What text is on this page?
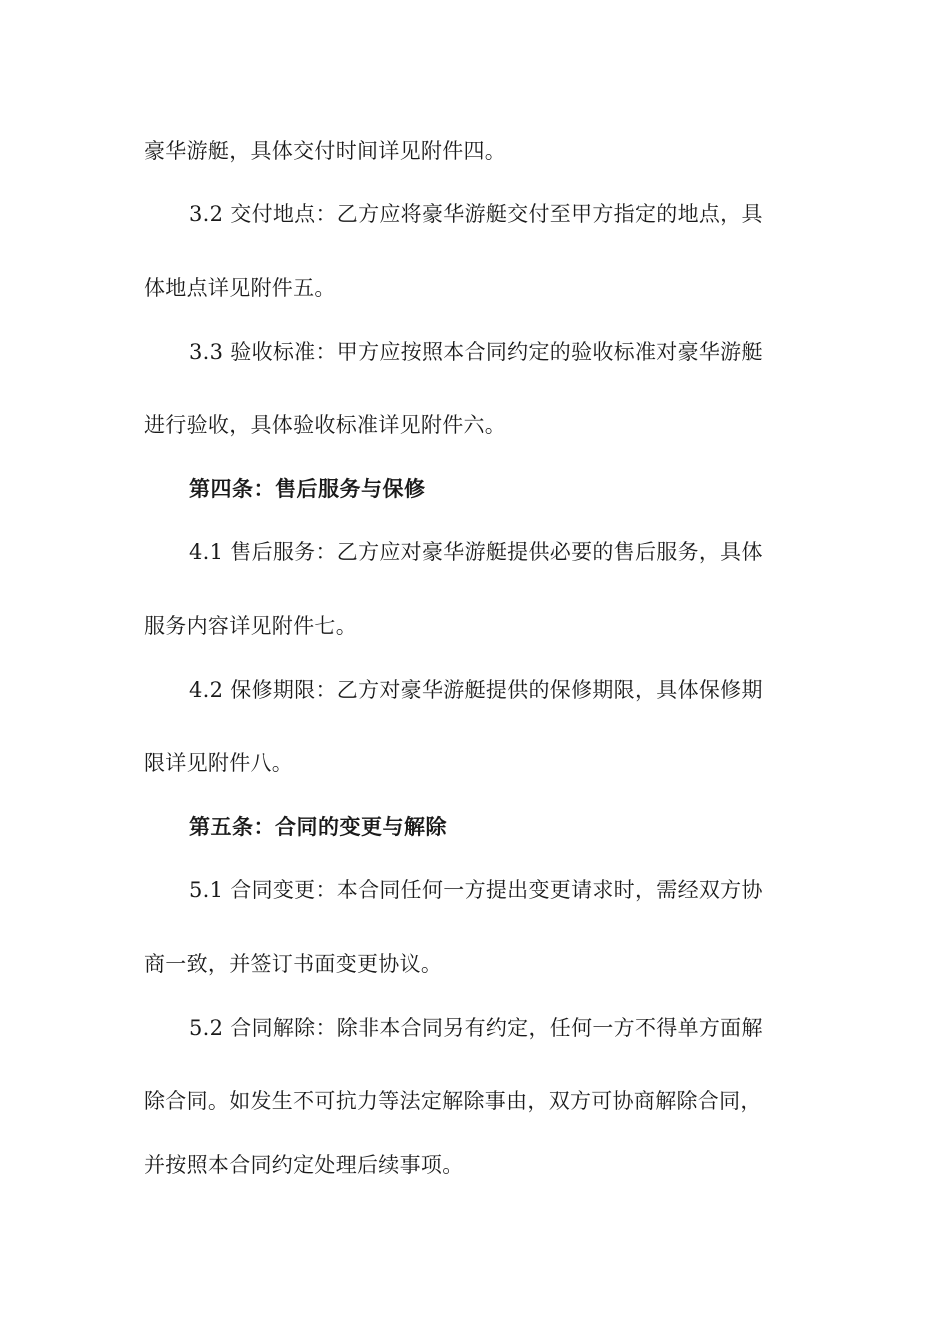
豪华游艇，具体交付时间详见附件四。
3.2 交付地点：乙方应将豪华游艇交付至甲方指定的地点，具
体地点详见附件五。
3.3 验收标准：甲方应按照本合同约定的验收标准对豪华游艇
进行验收，具体验收标准详见附件六。
第四条：售后服务与保修
4.1 售后服务：乙方应对豪华游艇提供必要的售后服务，具体
服务内容详见附件七。
4.2 保修期限：乙方对豪华游艇提供的保修期限，具体保修期
限详见附件八。
第五条：合同的变更与解除
5.1 合同变更：本合同任何一方提出变更请求时，需经双方协
商一致，并签订书面变更协议。
5.2 合同解除：除非本合同另有约定，任何一方不得单方面解
除合同。如发生不可抗力等法定解除事由，双方可协商解除合同，
并按照本合同约定处理后续事项。
